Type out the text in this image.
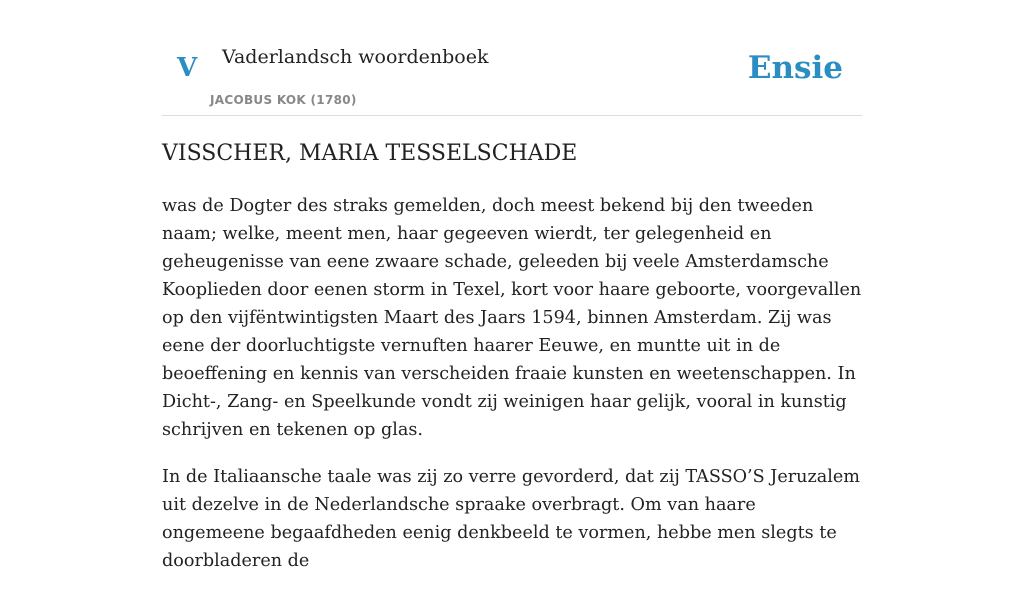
V Vaderlandsch woordenboek
JACOBUS KOK (1780)
Ensie
VISSCHER, MARIA TESSELSCHADE

was de Dogter des straks gemelden, doch meest bekend bij den tweeden naam; welke, meent men, haar gegeeven wierdt, ter gelegenheid en geheugenisse van eene zwaare schade, geleeden bij veele Amsterdamsche Kooplieden door eenen storm in Texel, kort voor haare geboorte, voorgevallen op den vijfëntwintigsten Maart des Jaars 1594, binnen Amsterdam. Zij was eene der doorluchtigste vernuften haarer Eeuwe, en muntte uit in de beoeffening en kennis van verscheiden fraaie kunsten en weetenschappen. In Dicht-, Zang- en Speelkunde vondt zij weinigen haar gelijk, vooral in kunstig schrijven en tekenen op glas.

In de Italiaansche taale was zij zo verre gevorderd, dat zij TASSO’S Jeruzalem uit dezelve in de Nederlandsche spraake overbragt. Om van haare ongemeene begaafdheden eenig denkbeeld te vormen, hebbe men slegts te doorbladeren de
